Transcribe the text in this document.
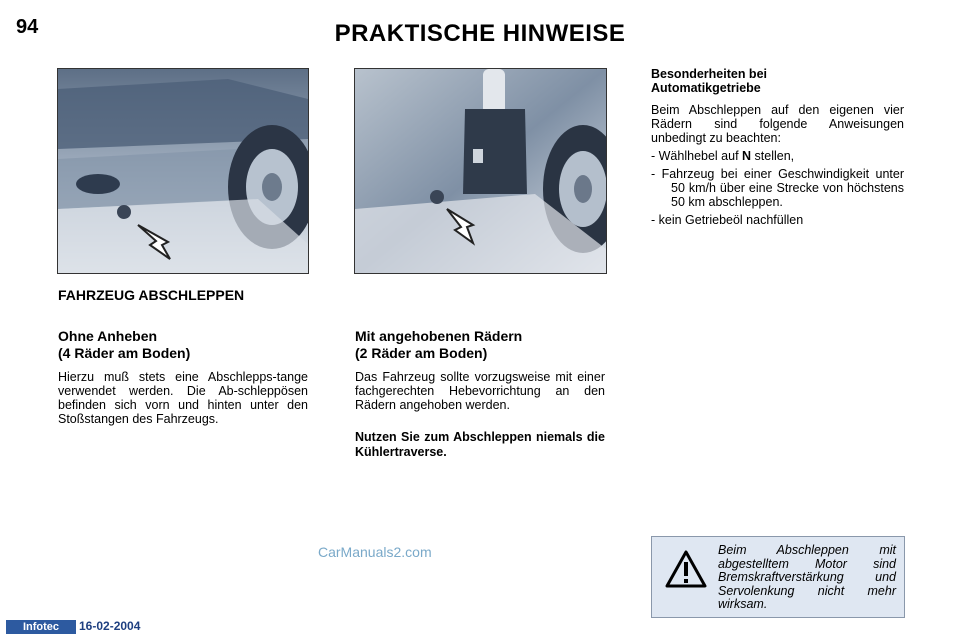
94	PRAKTISCHE HINWEISE
FAHRZEUG ABSCHLEPPEN
Ohne Anheben
(4 Räder am Boden)
Hierzu muß stets eine Abschlepps-tange verwendet werden. Die Ab-schleppösen befinden sich vorn und hinten unter den Stoßstangen des Fahrzeugs.
Mit angehobenen Rädern
(2 Räder am Boden)
Das Fahrzeug sollte vorzugsweise mit einer fachgerechten Hebevorrichtung an den Rädern angehoben werden.
Nutzen Sie zum Abschleppen niemals die Kühlertraverse.
Besonderheiten bei
Automatikgetriebe
Beim Abschleppen auf den eigenen vier Rädern sind folgende Anweisungen unbedingt zu beachten:
- Wählhebel auf N stellen,
- Fahrzeug bei einer Geschwindigkeit unter 50 km/h über eine Strecke von höchstens 50 km abschleppen.
- kein Getriebeöl nachfüllen
CarManuals2.com	Beim Abschleppen mit abgestelltem Motor sind Bremskraftverstärkung und Servolenkung nicht mehr wirksam.
Infotec	16-02-2004
